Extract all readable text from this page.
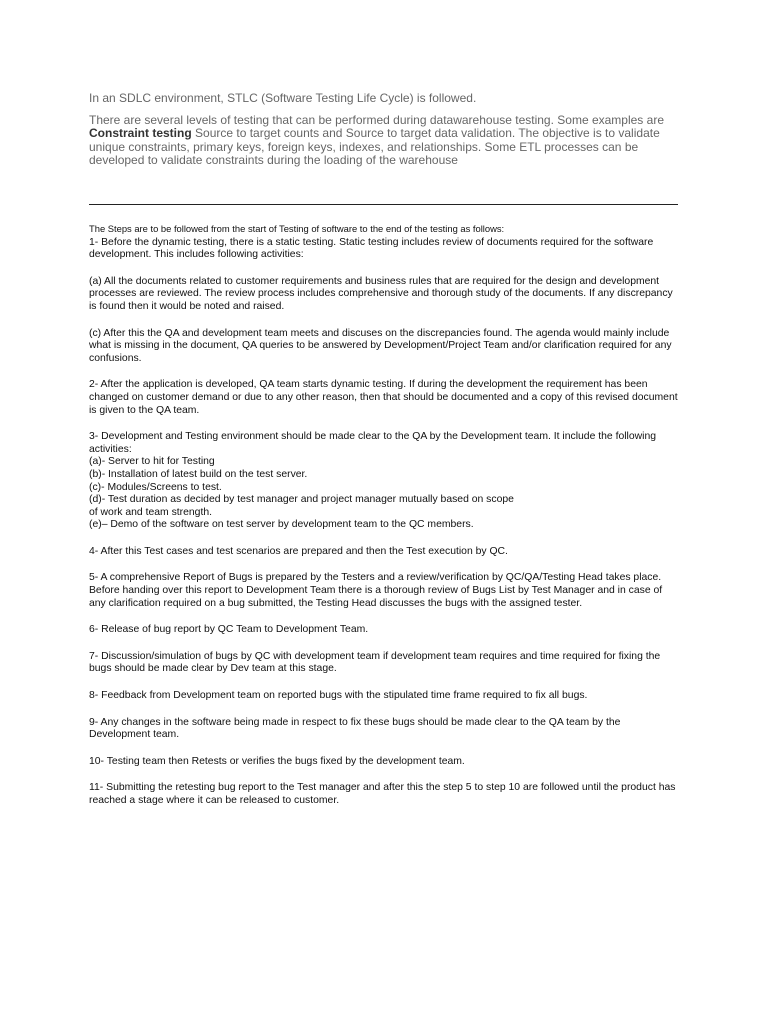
In an SDLC environment, STLC (Software Testing Life Cycle) is followed.

There are several levels of testing that can be performed during datawarehouse testing. Some examples are Constraint testing Source to target counts and Source to target data validation. The objective is to validate unique constraints, primary keys, foreign keys, indexes, and relationships. Some ETL processes can be developed to validate constraints during the loading of the warehouse

The Steps are to be followed from the start of Testing of software to the end of the testing as follows:

1- Before the dynamic testing, there is a static testing. Static testing includes review of documents required for the software development. This includes following activities:

(a) All the documents related to customer requirements and business rules that are required for the design and development processes are reviewed. The review process includes comprehensive and thorough study of the documents. If any discrepancy is found then it would be noted and raised.

(c) After this the QA and development team meets and discuses on the discrepancies found. The agenda would mainly include what is missing in the document, QA queries to be answered by Development/Project Team and/or clarification required for any confusions.

2- After the application is developed, QA team starts dynamic testing. If during the development the requirement has been changed on customer demand or due to any other reason, then that should be documented and a copy of this revised document is given to the QA team.

3- Development and Testing environment should be made clear to the QA by the Development team. It include the following activities:

(a)- Server to hit for Testing

(b)- Installation of latest build on the test server.

(c)- Modules/Screens to test.

(d)- Test duration as decided by test manager and project manager mutually based on scope

of work and team strength.

(e)– Demo of the software on test server by development team to the QC members.

4- After this Test cases and test scenarios are prepared and then the Test execution by QC.

5- A comprehensive Report of Bugs is prepared by the Testers and a review/verification by QC/QA/Testing Head takes place. Before handing over this report to Development Team there is a thorough review of Bugs List by Test Manager and in case of any clarification required on a bug submitted, the Testing Head discusses the bugs with the assigned tester.

6- Release of bug report by QC Team to Development Team.

7- Discussion/simulation of bugs by QC with development team if development team requires and time required for fixing the bugs should be made clear by Dev team at this stage.

8- Feedback from Development team on reported bugs with the stipulated time frame required to fix all bugs.

9- Any changes in the software being made in respect to fix these bugs should be made clear to the QA team by the Development team.

10- Testing team then Retests or verifies the bugs fixed by the development team.

11- Submitting the retesting bug report to the Test manager and after this the step 5 to step 10 are followed until the product has reached a stage where it can be released to customer.
